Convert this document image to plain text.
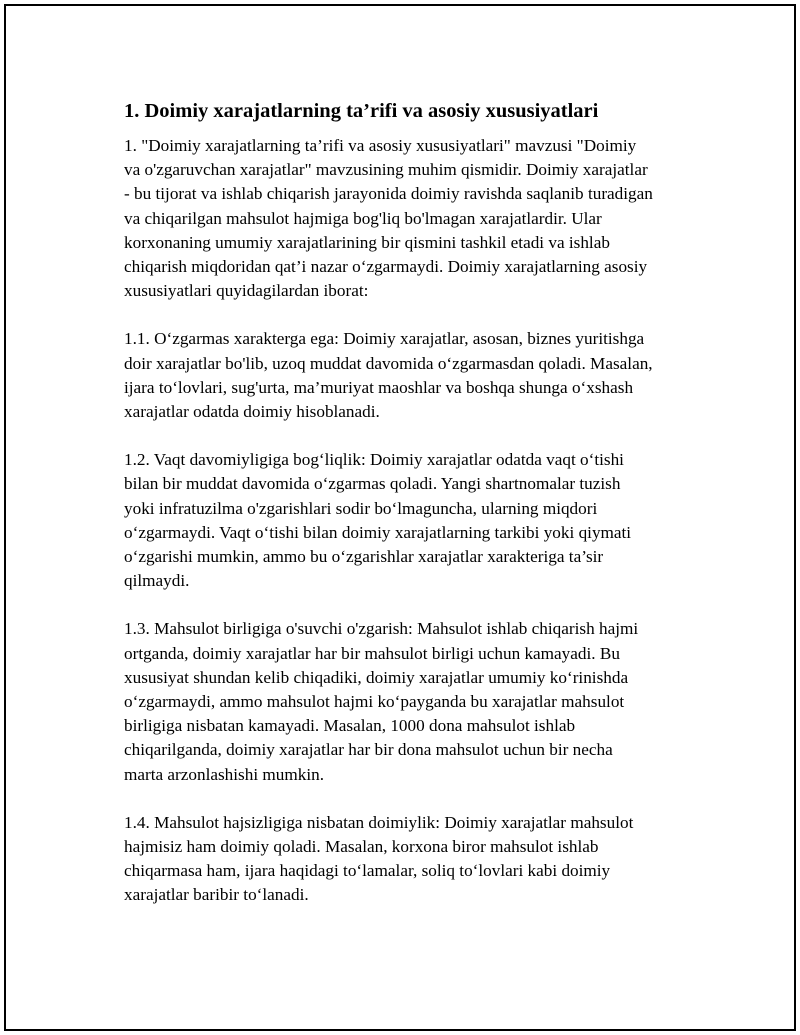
1. Doimiy xarajatlarning ta’rifi va asosiy xususiyatlari

1. "Doimiy xarajatlarning ta’rifi va asosiy xususiyatlari" mavzusi "Doimiy
va o'zgaruvchan xarajatlar" mavzusining muhim qismidir. Doimiy xarajatlar
- bu tijorat va ishlab chiqarish jarayonida doimiy ravishda saqlanib turadigan
va chiqarilgan mahsulot hajmiga bog'liq bo'lmagan xarajatlardir. Ular
korxonaning umumiy xarajatlarining bir qismini tashkil etadi va ishlab
chiqarish miqdoridan qat’i nazar o‘zgarmaydi. Doimiy xarajatlarning asosiy
xususiyatlari quyidagilardan iborat:

1.1. O‘zgarmas xarakterga ega: Doimiy xarajatlar, asosan, biznes yuritishga
doir xarajatlar bo'lib, uzoq muddat davomida o‘zgarmasdan qoladi. Masalan,
ijara to‘lovlari, sug'urta, ma’muriyat maoshlar va boshqa shunga o‘xshash
xarajatlar odatda doimiy hisoblanadi.

1.2. Vaqt davomiyligiga bog‘liqlik: Doimiy xarajatlar odatda vaqt o‘tishi
bilan bir muddat davomida o‘zgarmas qoladi. Yangi shartnomalar tuzish
yoki infratuzilma o'zgarishlari sodir bo‘lmaguncha, ularning miqdori
o‘zgarmaydi. Vaqt o‘tishi bilan doimiy xarajatlarning tarkibi yoki qiymati
o‘zgarishi mumkin, ammo bu o‘zgarishlar xarajatlar xarakteriga ta’sir
qilmaydi.

1.3. Mahsulot birligiga o'suvchi o'zgarish: Mahsulot ishlab chiqarish hajmi
ortganda, doimiy xarajatlar har bir mahsulot birligi uchun kamayadi. Bu
xususiyat shundan kelib chiqadiki, doimiy xarajatlar umumiy ko‘rinishda
o‘zgarmaydi, ammo mahsulot hajmi ko‘payganda bu xarajatlar mahsulot
birligiga nisbatan kamayadi. Masalan, 1000 dona mahsulot ishlab
chiqarilganda, doimiy xarajatlar har bir dona mahsulot uchun bir necha
marta arzonlashishi mumkin.

1.4. Mahsulot hajsizligiga nisbatan doimiylik: Doimiy xarajatlar mahsulot
hajmisiz ham doimiy qoladi. Masalan, korxona biror mahsulot ishlab
chiqarmasa ham, ijara haqidagi to‘lamalar, soliq to‘lovlari kabi doimiy
xarajatlar baribir to‘lanadi.
